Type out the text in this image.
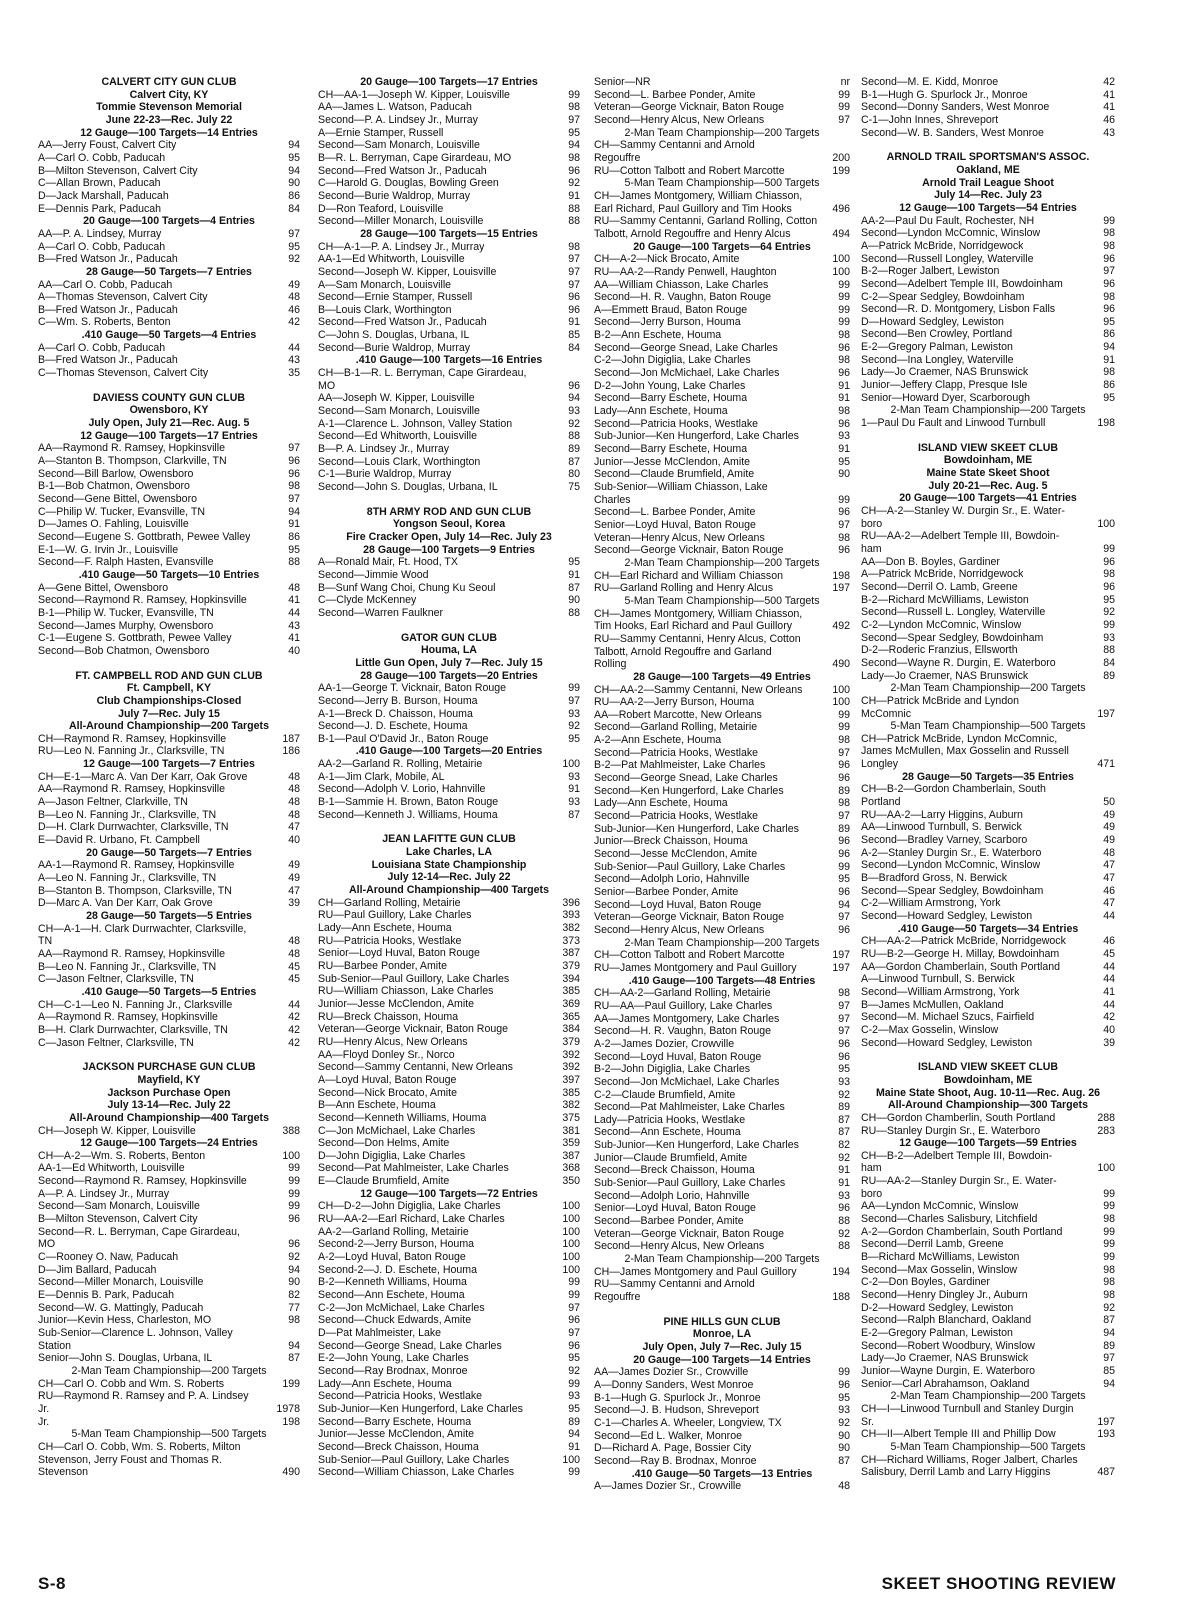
CALVERT CITY GUN CLUB
Calvert City, KY
Tommie Stevenson Memorial
June 22-23—Rec. July 22
12 Gauge—100 Targets—14 Entries
AA—Jerry Foust, Calvert City	94
A—Carl O. Cobb, Paducah	95
B—Milton Stevenson, Calvert City	94
C—Allan Brown, Paducah	90
D—Jack Marshall, Paducah	86
E—Dennis Park, Paducah	84
20 Gauge—100 Targets—4 Entries
AA—P. A. Lindsey, Murray	97
A—Carl O. Cobb, Paducah	95
B—Fred Watson Jr., Paducah	92
28 Gauge—50 Targets—7 Entries
AA—Carl O. Cobb, Paducah	49
A—Thomas Stevenson, Calvert City	48
B—Fred Watson Jr., Paducah	46
C—Wm. S. Roberts, Benton	42
.410 Gauge—50 Targets—4 Entries
A—Carl O. Cobb, Paducah	44
B—Fred Watson Jr., Paducah	43
C—Thomas Stevenson, Calvert City	35
DAVIESS COUNTY GUN CLUB
Owensboro, KY
July Open, July 21—Rec. Aug. 5
12 Gauge—100 Targets—17 Entries
AA—Raymond R. Ramsey, Hopkinsville	97
A—Stanton B. Thompson, Clarkville, TN	96
Second—Bill Barlow, Owensboro	96
B-1—Bob Chatmon, Owensboro	98
Second—Gene Bittel, Owensboro	97
C—Philip W. Tucker, Evansville, TN	94
D—James O. Fahling, Louisville	91
Second—Eugene S. Gottbrath, Pewee Valley	86
E-1—W. G. Irvin Jr., Louisville	95
Second—F. Ralph Hasten, Evansville	88
.410 Gauge—50 Targets—10 Entries
A—Gene Bittel, Owensboro	48
Second—Raymond R. Ramsey, Hopkinsville	41
B-1—Philip W. Tucker, Evansville, TN	44
Second—James Murphy, Owensboro	43
C-1—Eugene S. Gottbrath, Pewee Valley	41
Second—Bob Chatmon, Owensboro	40
FT. CAMPBELL ROD AND GUN CLUB
Ft. Campbell, KY
Club Championships-Closed
July 7—Rec. July 15
All-Around Championship—200 Targets
CH—Raymond R. Ramsey, Hopkinsville	187
RU—Leo N. Fanning Jr., Clarksville, TN	186
12 Gauge—100 Targets—7 Entries
CH—E-1—Marc A. Van Der Karr, Oak Grove	48
AA—Raymond R. Ramsey, Hopkinsville	48
A—Jason Feltner, Clarkville, TN	48
B—Leo N. Fanning Jr., Clarksville, TN	48
D—H. Clark Durrwachter, Clarksville, TN	47
E—David R. Urbano, Ft. Campbell	40
20 Gauge—50 Targets—7 Entries
AA-1—Raymond R. Ramsey, Hopkinsville	49
A—Leo N. Fanning Jr., Clarksville, TN	49
B—Stanton B. Thompson, Clarksville, TN	47
D—Marc A. Van Der Karr, Oak Grove	39
28 Gauge—50 Targets—5 Entries
CH—A-1—H. Clark Durrwachter, Clarksville,
TN	48
AA—Raymond R. Ramsey, Hopkinsville	48
B—Leo N. Fanning Jr., Clarksville, TN	45
C—Jason Feltner, Clarksville, TN	45
.410 Gauge—50 Targets—5 Entries
CH—C-1—Leo N. Fanning Jr., Clarksville	44
A—Raymond R. Ramsey, Hopkinsville	42
B—H. Clark Durrwachter, Clarksville, TN	42
C—Jason Feltner, Clarksville, TN	42
JACKSON PURCHASE GUN CLUB
Mayfield, KY
Jackson Purchase Open
July 13-14—Rec. July 22
All-Around Championship—400 Targets
CH—Joseph W. Kipper, Louisville	388
12 Gauge—100 Targets—24 Entries
CH—A-2—Wm. S. Roberts, Benton	100
AA-1—Ed Whitworth, Louisville	99
Second—Raymond R. Ramsey, Hopkinsville	99
A—P. A. Lindsey Jr., Murray	99
Second—Sam Monarch, Louisville	99
B—Milton Stevenson, Calvert City	96
Second—R. L. Berryman, Cape Girardeau,
MO	96
C—Rooney O. Naw, Paducah	92
D—Jim Ballard, Paducah	94
Second—Miller Monarch, Louisville	90
E—Dennis B. Park, Paducah	82
Second—W. G. Mattingly, Paducah	77
Junior—Kevin Hess, Charleston, MO	98
Sub-Senior—Clarence L. Johnson, Valley
Station	94
Senior—John S. Douglas, Urbana, IL	87
2-Man Team Championship—200 Targets
CH—Carl O. Cobb and Wm. S. Roberts	199
RU—Raymond R. Ramsey and P. A. Lindsey
Jr.	1978
Jr.	198
5-Man Team Championship—500 Targets
CH—Carl O. Cobb, Wm. S. Roberts, Milton
Stevenson, Jerry Foust and Thomas R.
Stevenson	490
20 Gauge—100 Targets—17 Entries
CH—AA-1—Joseph W. Kipper, Louisville	99
AA—James L. Watson, Paducah	98
Second—P. A. Lindsey Jr., Murray	97
A—Ernie Stamper, Russell	95
Second—Sam Monarch, Louisville	94
B—R. L. Berryman, Cape Girardeau, MO	98
Second—Fred Watson Jr., Paducah	96
C—Harold G. Douglas, Bowling Green	92
Second—Burie Waldrop, Murray	91
D—Ron Teaford, Louisville	88
Second—Miller Monarch, Louisville	88
28 Gauge—100 Targets—15 Entries
CH—A-1—P. A. Lindsey Jr., Murray	98
AA-1—Ed Whitworth, Louisville	97
Second—Joseph W. Kipper, Louisville	97
A—Sam Monarch, Louisville	97
Second—Ernie Stamper, Russell	96
B—Louis Clark, Worthington	96
Second—Fred Watson Jr., Paducah	91
C—John S. Douglas, Urbana, IL	85
Second—Burie Waldrop, Murray	84
.410 Gauge—100 Targets—16 Entries
CH—B-1—R. L. Berryman, Cape Girardeau,
MO	96
AA—Joseph W. Kipper, Louisville	94
Second—Sam Monarch, Louisville	93
A-1—Clarence L. Johnson, Valley Station	92
Second—Ed Whitworth, Louisville	88
B—P. A. Lindsey Jr., Murray	89
Second—Louis Clark, Worthington	87
C-1—Burie Waldrop, Murray	80
Second—John S. Douglas, Urbana, IL	75
8TH ARMY ROD AND GUN CLUB
Yongson Seoul, Korea
Fire Cracker Open, July 14—Rec. July 23
28 Gauge—100 Targets—9 Entries
A—Ronald Mair, Ft. Hood, TX	95
Second—Jimmie Wood	91
B—Sunf Wang Choi, Chung Ku Seoul	87
C—Clyde McKenney	90
Second—Warren Faulkner	88
GATOR GUN CLUB
Houma, LA
Little Gun Open, July 7—Rec. July 15
28 Gauge—100 Targets—20 Entries
AA-1—George T. Vicknair, Baton Rouge	99
Second—Jerry B. Burson, Houma	97
A-1—Breck D. Chaisson, Houma	93
Second—J. D. Eschete, Houma	92
B-1—Paul O'David Jr., Baton Rouge	95
.410 Gauge—100 Targets—20 Entries
AA-2—Garland R. Rolling, Metairie	100
A-1—Jim Clark, Mobile, AL	93
Second—Adolph V. Lorio, Hahnville	91
B-1—Sammie H. Brown, Baton Rouge	93
Second—Kenneth J. Williams, Houma	87
JEAN LAFITTE GUN CLUB
Lake Charles, LA
Louisiana State Championship
July 12-14—Rec. July 22
All-Around Championship—400 Targets
CH—Garland Rolling, Metairie	396
RU—Paul Guillory, Lake Charles	393
Lady—Ann Eschete, Houma	382
RU—Patricia Hooks, Westlake	373
Senior—Loyd Huval, Baton Rouge	387
RU—Barbee Ponder, Amite	379
Sub-Senior—Paul Guillory, Lake Charles	394
RU—William Chiasson, Lake Charles	385
Junior—Jesse McClendon, Amite	369
RU—Breck Chaisson, Houma	365
Veteran—George Vicknair, Baton Rouge	384
RU—Henry Alcus, New Orleans	379
AA—Floyd Donley Sr., Norco	392
Second—Sammy Centanni, New Orleans	392
A—Loyd Huval, Baton Rouge	397
Second—Nick Brocato, Amite	385
B—Ann Eschete, Houma	382
Second—Kenneth Williams, Houma	375
C—Jon McMichael, Lake Charles	381
Second—Don Helms, Amite	359
D—John Digiglia, Lake Charles	387
Second—Pat Mahlmeister, Lake Charles	368
E—Claude Brumfield, Amite	350
12 Gauge—100 Targets—72 Entries
CH—D-2—John Digiglia, Lake Charles	100
RU—AA-2—Earl Richard, Lake Charles	100
AA-2—Garland Rolling, Metairie	100
Second-2—Jerry Burson, Houma	100
A-2—Loyd Huval, Baton Rouge	100
Second-2—J. D. Eschete, Houma	100
B-2—Kenneth Williams, Houma	99
Second—Ann Eschete, Houma	99
C-2—Jon McMichael, Lake Charles	97
Second—Chuck Edwards, Amite	96
D—Pat Mahlmeister, Lake	97
Second—George Snead, Lake Charles	96
E-2—John Young, Lake Charles	95
Second—Ray Brodnax, Monroe	92
Lady—Ann Eschete, Houma	99
Second—Patricia Hooks, Westlake	93
Sub-Junior—Ken Hungerford, Lake Charles	95
Second—Barry Eschete, Houma	89
Junior—Jesse McClendon, Amite	94
Second—Breck Chaisson, Houma	91
Sub-Senior—Paul Guillory, Lake Charles	100
Second—William Chiasson, Lake Charles	99
Senior—NR	nr
Second—L. Barbee Ponder, Amite	99
Veteran—George Vicknair, Baton Rouge	99
Second—Henry Alcus, New Orleans	97
2-Man Team Championship—200 Targets
CH—Sammy Centanni and Arnold
Regouffre	200
RU—Cotton Talbott and Robert Marcotte	199
5-Man Team Championship—500 Targets
CH—James Montgomery, William Chiasson,
Earl Richard, Paul Guillory and Tim Hooks	496
RU—Sammy Centanni, Garland Rolling, Cotton
Talbott, Arnold Regouffre and Henry Alcus	494
20 Gauge—100 Targets—64 Entries
CH—A-2—Nick Brocato, Amite	100
RU—AA-2—Randy Penwell, Haughton	100
AA—William Chiasson, Lake Charles	99
Second—H. R. Vaughn, Baton Rouge	99
A—Emmett Braud, Baton Rouge	99
Second—Jerry Burson, Houma	99
B-2—Ann Eschete, Houma	98
Second—George Snead, Lake Charles	96
C-2—John Digiglia, Lake Charles	98
Second—Jon McMichael, Lake Charles	96
D-2—John Young, Lake Charles	91
Second—Barry Eschete, Houma	91
Lady—Ann Eschete, Houma	98
Second—Patricia Hooks, Westlake	96
Sub-Junior—Ken Hungerford, Lake Charles	93
Second—Barry Eschete, Houma	91
Junior—Jesse McClendon, Amite	95
Second—Claude Brumfield, Amite	90
Sub-Senior—William Chiasson, Lake
Charles	99
Second—L. Barbee Ponder, Amite	96
Senior—Loyd Huval, Baton Rouge	97
Veteran—Henry Alcus, New Orleans	98
Second—George Vicknair, Baton Rouge	96
2-Man Team Championship—200 Targets
CH—Earl Richard and William Chiasson	198
RU—Garland Rolling and Henry Alcus	197
5-Man Team Championship—500 Targets
CH—James Montgomery, William Chiasson,
Tim Hooks, Earl Richard and Paul Guillory	492
RU—Sammy Centanni, Henry Alcus, Cotton
Talbott, Arnold Regouffre and Garland
Rolling	490
28 Gauge—100 Targets—49 Entries
CH—AA-2—Sammy Centanni, New Orleans	100
RU—AA-2—Jerry Burson, Houma	100
AA—Robert Marcotte, New Orleans	99
Second—Garland Rolling, Metairie	99
A-2—Ann Eschete, Houma	98
Second—Patricia Hooks, Westlake	97
B-2—Pat Mahlmeister, Lake Charles	96
Second—George Snead, Lake Charles	96
Second—Ken Hungerford, Lake Charles	89
Lady—Ann Eschete, Houma	98
Second—Patricia Hooks, Westlake	97
Sub-Junior—Ken Hungerford, Lake Charles	89
Junior—Breck Chaisson, Houma	96
Second—Jesse McClendon, Amite	96
Sub-Senior—Paul Guillory, Lake Charles	99
Second—Adolph Lorio, Hahnville	95
Senior—Barbee Ponder, Amite	96
Second—Loyd Huval, Baton Rouge	94
Veteran—George Vicknair, Baton Rouge	97
Second—Henry Alcus, New Orleans	96
2-Man Team Championship—200 Targets
CH—Cotton Talbott and Robert Marcotte	197
RU—James Montgomery and Paul Guillory	197
.410 Gauge—100 Targets—48 Entries
CH—AA-2—Garland Rolling, Metairie	98
RU—AA—Paul Guillory, Lake Charles	97
AA—James Montgomery, Lake Charles	97
Second—H. R. Vaughn, Baton Rouge	97
A-2—James Dozier, Crowville	96
Second—Loyd Huval, Baton Rouge	96
B-2—John Digiglia, Lake Charles	95
Second—Jon McMichael, Lake Charles	93
C-2—Claude Brumfield, Amite	92
Second—Pat Mahlmeister, Lake Charles	89
Lady—Patricia Hooks, Westlake	87
Second—Ann Eschete, Houma	87
Sub-Junior—Ken Hungerford, Lake Charles	82
Junior—Claude Brumfield, Amite	92
Second—Breck Chaisson, Houma	91
Sub-Senior—Paul Guillory, Lake Charles	91
Second—Adolph Lorio, Hahnville	93
Senior—Loyd Huval, Baton Rouge	96
Second—Barbee Ponder, Amite	88
Veteran—George Vicknair, Baton Rouge	92
Second—Henry Alcus, New Orleans	88
2-Man Team Championship—200 Targets
CH—James Montgomery and Paul Guillory	194
RU—Sammy Centanni and Arnold
Regouffre	188
PINE HILLS GUN CLUB
Monroe, LA
July Open, July 7—Rec. July 15
20 Gauge—100 Targets—14 Entries
AA—James Dozier Sr., Crowville	99
A—Donny Sanders, West Monroe	96
B-1—Hugh G. Spurlock Jr., Monroe	95
Second—J. B. Hudson, Shreveport	93
C-1—Charles A. Wheeler, Longview, TX	92
Second—Ed L. Walker, Monroe	90
D—Richard A. Page, Bossier City	90
Second—Ray B. Brodnax, Monroe	87
.410 Gauge—50 Targets—13 Entries
A—James Dozier Sr., Crowville	48
Second—M. E. Kidd, Monroe	42
B-1—Hugh G. Spurlock Jr., Monroe	41
Second—Donny Sanders, West Monroe	41
C-1—John Innes, Shreveport	46
Second—W. B. Sanders, West Monroe	43
ARNOLD TRAIL SPORTSMAN'S ASSOC.
Oakland, ME
Arnold Trail League Shoot
July 14—Rec. July 23
12 Gauge—100 Targets—54 Entries
AA-2—Paul Du Fault, Rochester, NH	99
Second—Lyndon McComnic, Winslow	98
A—Patrick McBride, Norridgewock	98
Second—Russell Longley, Waterville	96
B-2—Roger Jalbert, Lewiston	97
Second—Adelbert Temple III, Bowdoinham	96
C-2—Spear Sedgley, Bowdoinham	98
Second—R. D. Montgomery, Lisbon Falls	96
D—Howard Sedgley, Lewiston	95
Second—Ben Crowley, Portland	86
E-2—Gregory Palman, Lewiston	94
Second—Ina Longley, Waterville	91
Lady—Jo Craemer, NAS Brunswick	98
Junior—Jeffery Clapp, Presque Isle	86
Senior—Howard Dyer, Scarborough	95
2-Man Team Championship—200 Targets
1—Paul Du Fault and Linwood Turnbull	198
ISLAND VIEW SKEET CLUB
Bowdoinham, ME
Maine State Skeet Shoot
July 20-21—Rec. Aug. 5
20 Gauge—100 Targets—41 Entries
CH—A-2—Stanley W. Durgin Sr., E. Water-
boro	100
RU—AA-2—Adelbert Temple III, Bowdoin-
ham	99
AA—Don B. Boyles, Gardiner	96
A—Patrick McBride, Norridgewock	98
Second—Derril O. Lamb, Greene	96
B-2—Richard McWilliams, Lewiston	95
Second—Russell L. Longley, Waterville	92
C-2—Lyndon McComnic, Winslow	99
Second—Spear Sedgley, Bowdoinham	93
D-2—Roderic Franzius, Ellsworth	88
Second—Wayne R. Durgin, E. Waterboro	84
Lady—Jo Craemer, NAS Brunswick	89
2-Man Team Championship—200 Targets
CH—Patrick McBride and Lyndon
McComnic	197
5-Man Team Championship—500 Targets
CH—Patrick McBride, Lyndon McComnic,
James McMullen, Max Gosselin and Russell
Longley	471
28 Gauge—50 Targets—35 Entries
CH—B-2—Gordon Chamberlain, South
Portland	50
RU—AA-2—Larry Higgins, Auburn	49
AA—Linwood Turnbull, S. Berwick	49
Second—Bradley Varney, Scarboro	49
A-2—Stanley Durgin Sr., E. Waterboro	48
Second—Lyndon McComnic, Winslow	47
B—Bradford Gross, N. Berwick	47
Second—Spear Sedgley, Bowdoinham	46
C-2—William Armstrong, York	47
Second—Howard Sedgley, Lewiston	44
.410 Gauge—50 Targets—34 Entries
CH—AA-2—Patrick McBride, Norridgewock	46
RU—B-2—George H. Millay, Bowdoinham	45
AA—Gordon Chamberlain, South Portland	44
A—Linwood Turnbull, S. Berwick	44
Second—William Armstrong, York	41
B—James McMullen, Oakland	44
Second—M. Michael Szucs, Fairfield	42
C-2—Max Gosselin, Winslow	40
Second—Howard Sedgley, Lewiston	39
ISLAND VIEW SKEET CLUB
Bowdoinham, ME
Maine State Shoot, Aug. 10-11—Rec. Aug. 26
All-Around Championship—300 Targets
CH—Gordon Chamberlin, South Portland	288
RU—Stanley Durgin Sr., E. Waterboro	283
12 Gauge—100 Targets—59 Entries
CH—B-2—Adelbert Temple III, Bowdoin-
ham	100
RU—AA-2—Stanley Durgin Sr., E. Water-
boro	99
AA—Lyndon McComnic, Winslow	99
Second—Charles Salisbury, Litchfield	98
A-2—Gordon Chamberlain, South Portland	99
Second—Derril Lamb, Greene	99
B—Richard McWilliams, Lewiston	99
Second—Max Gosselin, Winslow	98
C-2—Don Boyles, Gardiner	98
Second—Henry Dingley Jr., Auburn	98
D-2—Howard Sedgley, Lewiston	92
Second—Ralph Blanchard, Oakland	87
E-2—Gregory Palman, Lewiston	94
Second—Robert Woodbury, Winslow	89
Lady—Jo Craemer, NAS Brunswick	97
Junior—Wayne Durgin, E. Waterboro	85
Senior—Carl Abrahamson, Oakland	94
2-Man Team Championship—200 Targets
CH—I—Linwood Turnbull and Stanley Durgin
Sr.	197
CH—II—Albert Temple III and Phillip Dow	193
5-Man Team Championship—500 Targets
CH—Richard Williams, Roger Jalbert, Charles
Salisbury, Derril Lamb and Larry Higgins	487
S-8	SKEET SHOOTING REVIEW
